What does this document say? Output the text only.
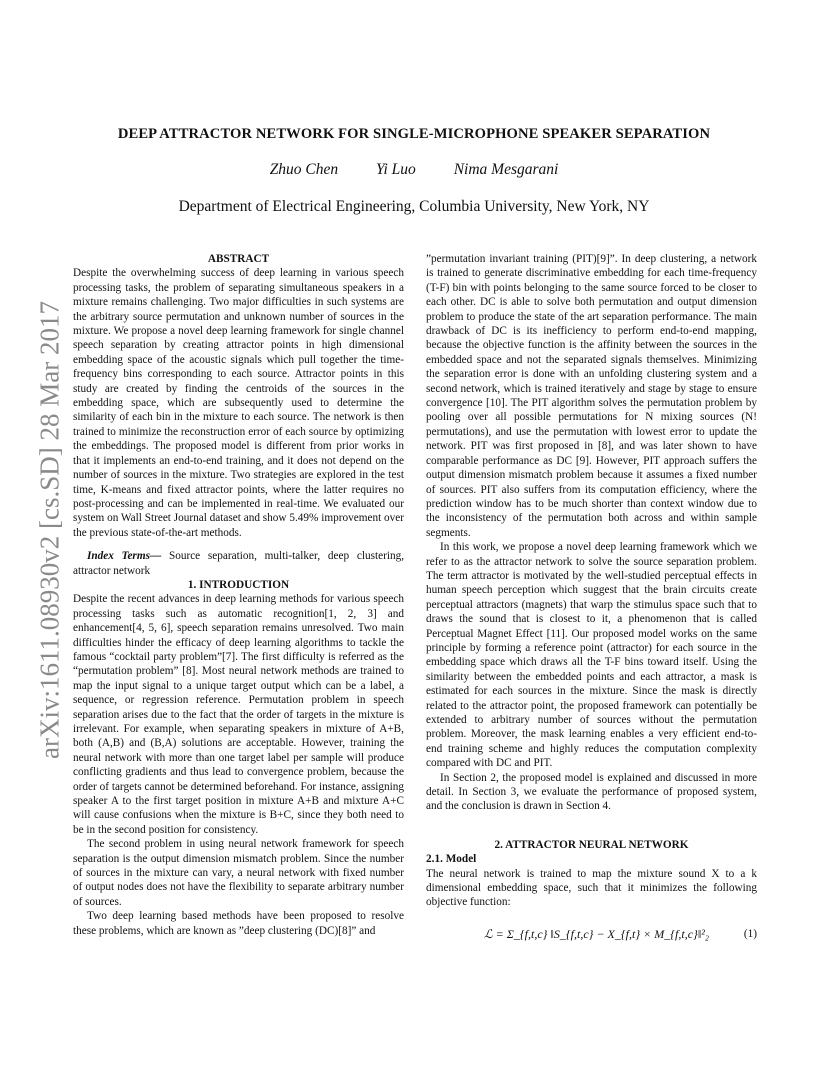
DEEP ATTRACTOR NETWORK FOR SINGLE-MICROPHONE SPEAKER SEPARATION
Zhuo Chen Yi Luo Nima Mesgarani
Department of Electrical Engineering, Columbia University, New York, NY
arXiv:1611.08930v2 [cs.SD] 28 Mar 2017

ABSTRACT

Despite the overwhelming success of deep learning in various speech processing tasks, the problem of separating simultaneous speakers in a mixture remains challenging. Two major difficulties in such systems are the arbitrary source permutation and unknown number of sources in the mixture. We propose a novel deep learning framework for single channel speech separation by creating attractor points in high dimensional embedding space of the acoustic signals which pull together the time-frequency bins corresponding to each source. Attractor points in this study are created by finding the centroids of the sources in the embedding space, which are subsequently used to determine the similarity of each bin in the mixture to each source. The network is then trained to minimize the reconstruction error of each source by optimizing the embeddings. The proposed model is different from prior works in that it implements an end-to-end training, and it does not depend on the number of sources in the mixture. Two strategies are explored in the test time, K-means and fixed attractor points, where the latter requires no post-processing and can be implemented in real-time. We evaluated our system on Wall Street Journal dataset and show 5.49% improvement over the previous state-of-the-art methods.

Index Terms— Source separation, multi-talker, deep clustering, attractor network

1. INTRODUCTION

Despite the recent advances in deep learning methods for various speech processing tasks such as automatic recognition[1, 2, 3] and enhancement[4, 5, 6], speech separation remains unresolved. Two main difficulties hinder the efficacy of deep learning algorithms to tackle the famous “cocktail party problem”[7]. The first difficulty is referred as the “permutation problem” [8]. Most neural network methods are trained to map the input signal to a unique target output which can be a label, a sequence, or regression reference. Permutation problem in speech separation arises due to the fact that the order of targets in the mixture is irrelevant. For example, when separating speakers in mixture of A+B, both (A,B) and (B,A) solutions are acceptable. However, training the neural network with more than one target label per sample will produce conflicting gradients and thus lead to convergence problem, because the order of targets cannot be determined beforehand. For instance, assigning speaker A to the first target position in mixture A+B and mixture A+C will cause confusions when the mixture is B+C, since they both need to be in the second position for consistency.

The second problem in using neural network framework for speech separation is the output dimension mismatch problem. Since the number of sources in the mixture can vary, a neural network with fixed number of output nodes does not have the flexibility to separate arbitrary number of sources.

Two deep learning based methods have been proposed to resolve these problems, which are known as ”deep clustering (DC)[8]” and

”permutation invariant training (PIT)[9]”. In deep clustering, a network is trained to generate discriminative embedding for each time-frequency (T-F) bin with points belonging to the same source forced to be closer to each other. DC is able to solve both permutation and output dimension problem to produce the state of the art separation performance. The main drawback of DC is its inefficiency to perform end-to-end mapping, because the objective function is the affinity between the sources in the embedded space and not the separated signals themselves. Minimizing the separation error is done with an unfolding clustering system and a second network, which is trained iteratively and stage by stage to ensure convergence [10]. The PIT algorithm solves the permutation problem by pooling over all possible permutations for N mixing sources (N! permutations), and use the permutation with lowest error to update the network. PIT was first proposed in [8], and was later shown to have comparable performance as DC [9]. However, PIT approach suffers the output dimension mismatch problem because it assumes a fixed number of sources. PIT also suffers from its computation efficiency, where the prediction window has to be much shorter than context window due to the inconsistency of the permutation both across and within sample segments.

In this work, we propose a novel deep learning framework which we refer to as the attractor network to solve the source separation problem. The term attractor is motivated by the well-studied perceptual effects in human speech perception which suggest that the brain circuits create perceptual attractors (magnets) that warp the stimulus space such that to draws the sound that is closest to it, a phenomenon that is called Perceptual Magnet Effect [11]. Our proposed model works on the same principle by forming a reference point (attractor) for each source in the embedding space which draws all the T-F bins toward itself. Using the similarity between the embedded points and each attractor, a mask is estimated for each sources in the mixture. Since the mask is directly related to the attractor point, the proposed framework can potentially be extended to arbitrary number of sources without the permutation problem. Moreover, the mask learning enables a very efficient end-to-end training scheme and highly reduces the computation complexity compared with DC and PIT.

In Section 2, the proposed model is explained and discussed in more detail. In Section 3, we evaluate the performance of proposed system, and the conclusion is drawn in Section 4.

2. ATTRACTOR NEURAL NETWORK

2.1. Model

The neural network is trained to map the mixture sound X to a k dimensional embedding space, such that it minimizes the following objective function:

ℒ = Σ_{f,t,c} ‖S_{f,t,c} − X_{f,t} × M_{f,t,c}‖²₂	(1)
